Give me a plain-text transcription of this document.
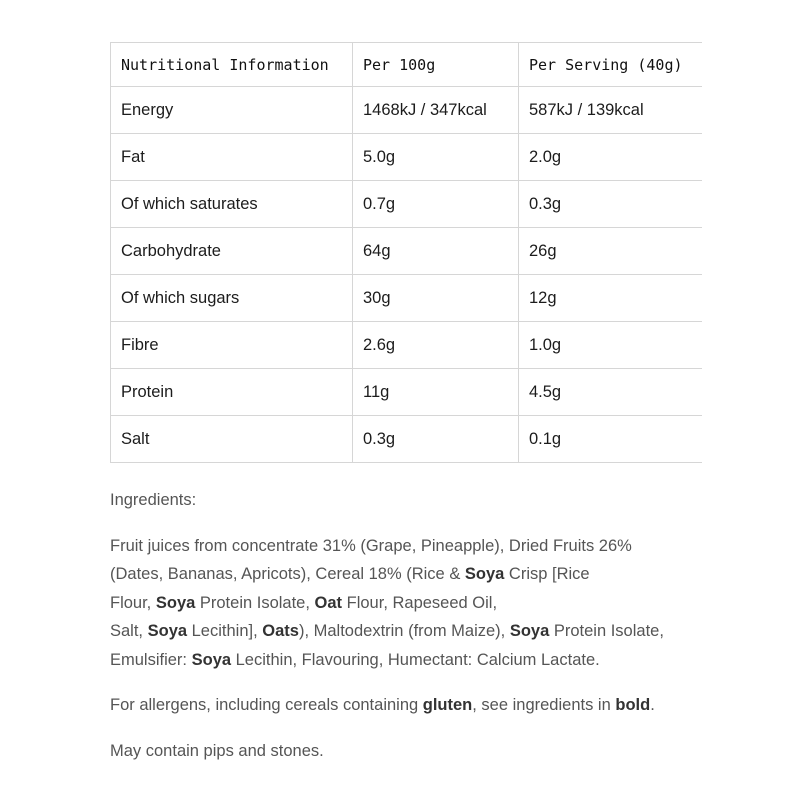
Nutritional Information	Per 100g	Per Serving (40g)
Energy	1468kJ / 347kcal	587kJ / 139kcal
Fat	5.0g	2.0g
Of which saturates	0.7g	0.3g
Carbohydrate	64g	26g
Of which sugars	30g	12g
Fibre	2.6g	1.0g
Protein	11g	4.5g
Salt	0.3g	0.1g

Ingredients:

Fruit juices from concentrate 31% (Grape, Pineapple), Dried Fruits 26%
(Dates, Bananas, Apricots), Cereal 18% (Rice & Soya Crisp [Rice
Flour, Soya Protein Isolate, Oat Flour, Rapeseed Oil,
Salt, Soya Lecithin], Oats), Maltodextrin (from Maize), Soya Protein Isolate,
Emulsifier: Soya Lecithin, Flavouring, Humectant: Calcium Lactate.

For allergens, including cereals containing gluten, see ingredients in bold.

May contain pips and stones.
